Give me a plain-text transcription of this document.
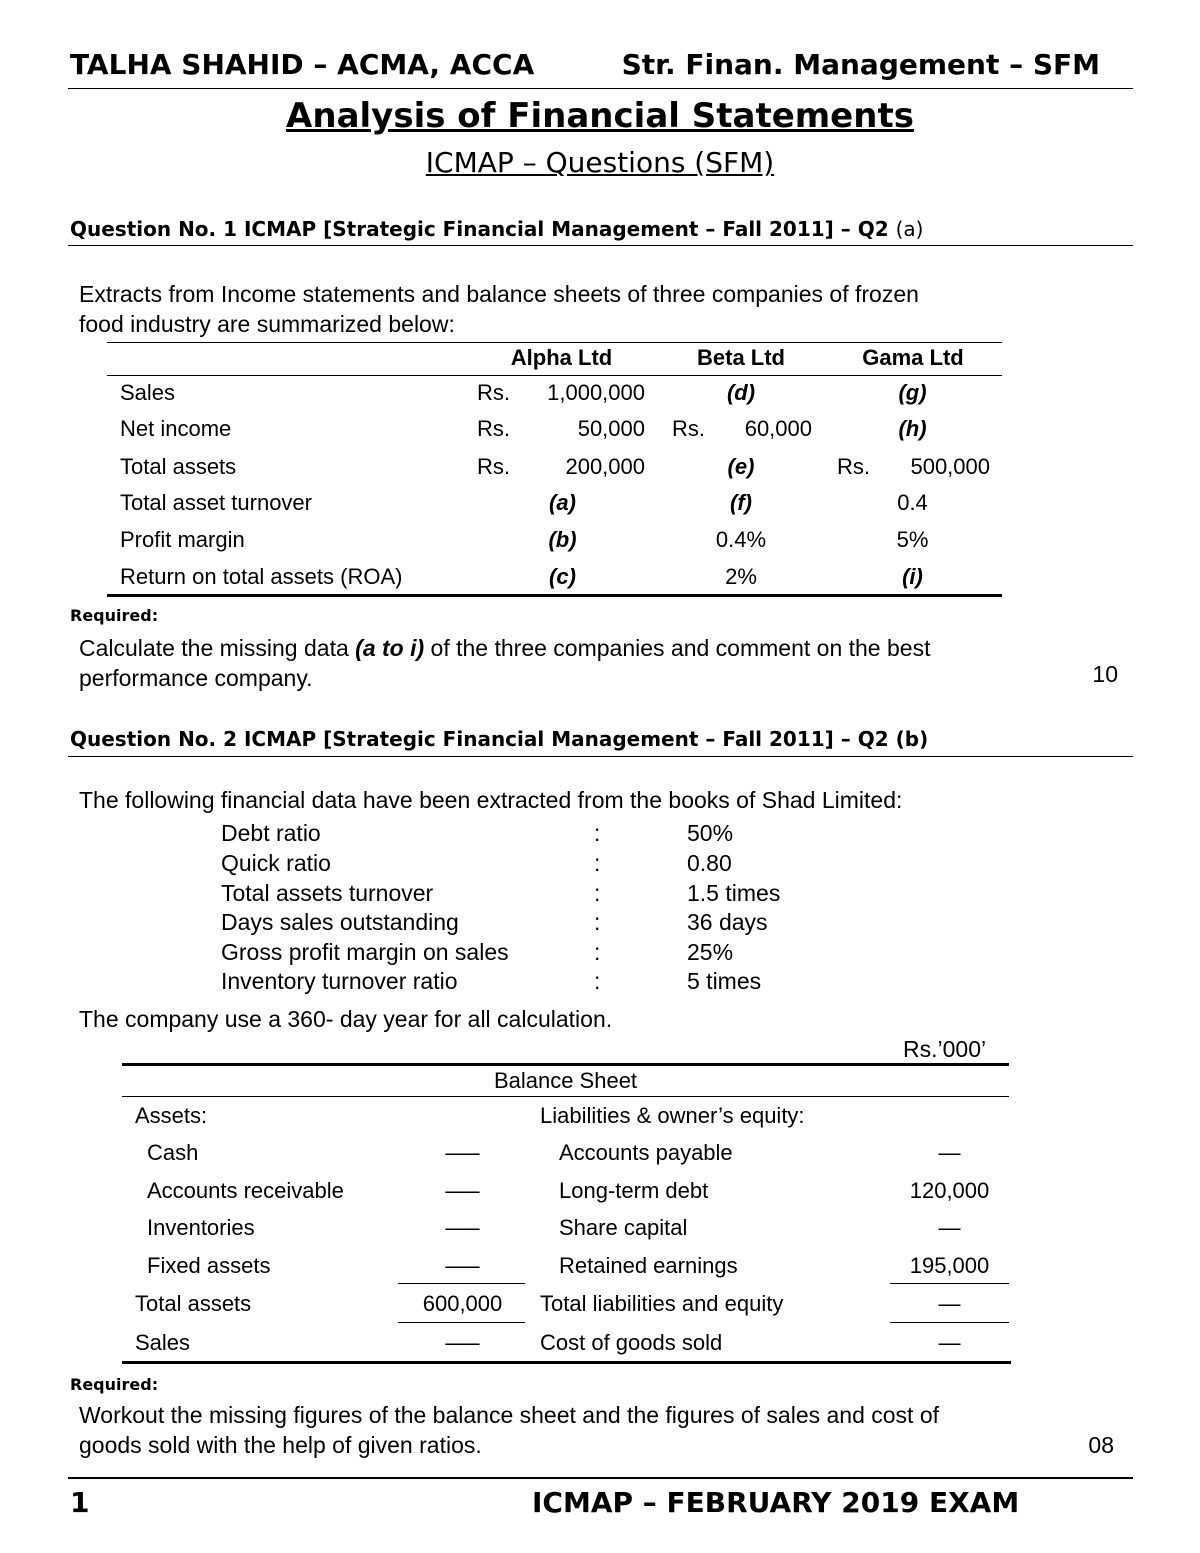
TALHA SHAHID – ACMA, ACCA	Str. Finan. Management – SFM
Analysis of Financial Statements
ICMAP – Questions (SFM)
Question No. 1 ICMAP [Strategic Financial Management – Fall 2011] – Q2 (a)
Extracts from Income statements and balance sheets of three companies of frozen
food industry are summarized below:
Alpha Ltd	Beta Ltd	Gama Ltd
Sales	Rs.	1,000,000	(d)	(g)
Net income	Rs.	50,000 Rs.	60,000	(h)
Total assets	Rs.	200,000	(e)	Rs.	500,000
Total asset turnover	(a)	(f)	0.4
Profit margin	(b)	0.4%	5%
Return on total assets (ROA)	(c)	2%	(i)
Required:
Calculate the missing data (a to i) of the three companies and comment on the best
performance company.	10
Question No. 2 ICMAP [Strategic Financial Management – Fall 2011] – Q2 (b)
The following financial data have been extracted from the books of Shad Limited:
Debt ratio	:	50%
Quick ratio	:	0.80
Total assets turnover	:	1.5 times
Days sales outstanding	:	36 days
Gross profit margin on sales	:	25%
Inventory turnover ratio	:	5 times
The company use a 360- day year for all calculation.
Rs.’000’
Balance Sheet
Assets:	Liabilities & owner’s equity:
Cash	—–	Accounts payable	—
Accounts receivable	—–	Long-term debt	120,000
Inventories	—–	Share capital	—
Fixed assets	—–	Retained earnings	195,000
Total assets	600,000	Total liabilities and equity	—
Sales	—–	Cost of goods sold	—
Required:
Workout the missing figures of the balance sheet and the figures of sales and cost of
goods sold with the help of given ratios.	08
1	ICMAP – FEBRUARY 2019 EXAM
